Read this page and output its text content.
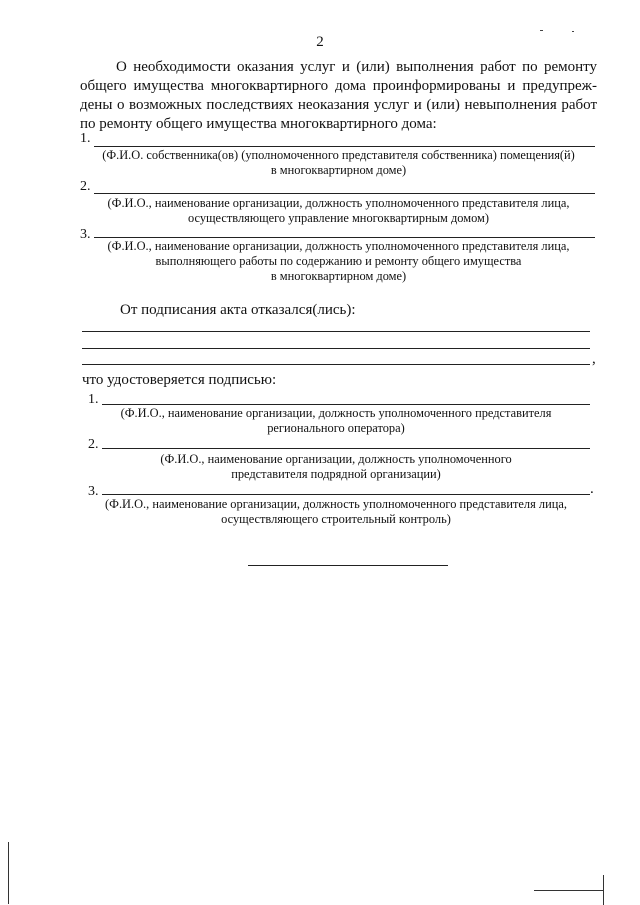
2
О необходимости оказания услуг и (или) выполнения работ по ремонту общего имущества многоквартирного дома проинформированы и предупреж-дены о возможных последствиях неоказания услуг и (или) невыполнения работ по ремонту общего имущества многоквартирного дома:
1.
(Ф.И.О. собственника(ов) (уполномоченного представителя собственника) помещения(й)
в многоквартирном доме)
2.
(Ф.И.О., наименование организации, должность уполномоченного представителя лица,
осуществляющего управление многоквартирным домом)
3.
(Ф.И.О., наименование организации, должность уполномоченного представителя лица,
выполняющего работы по содержанию и ремонту общего имущества
в многоквартирном доме)
От подписания акта отказался(лись):
,
что удостоверяется подписью:
1.
(Ф.И.О., наименование организации, должность уполномоченного представителя
регионального оператора)
2.
(Ф.И.О., наименование организации, должность уполномоченного
представителя подрядной организации)
3.	.
(Ф.И.О., наименование организации, должность уполномоченного представителя лица,
осуществляющего строительный контроль)
